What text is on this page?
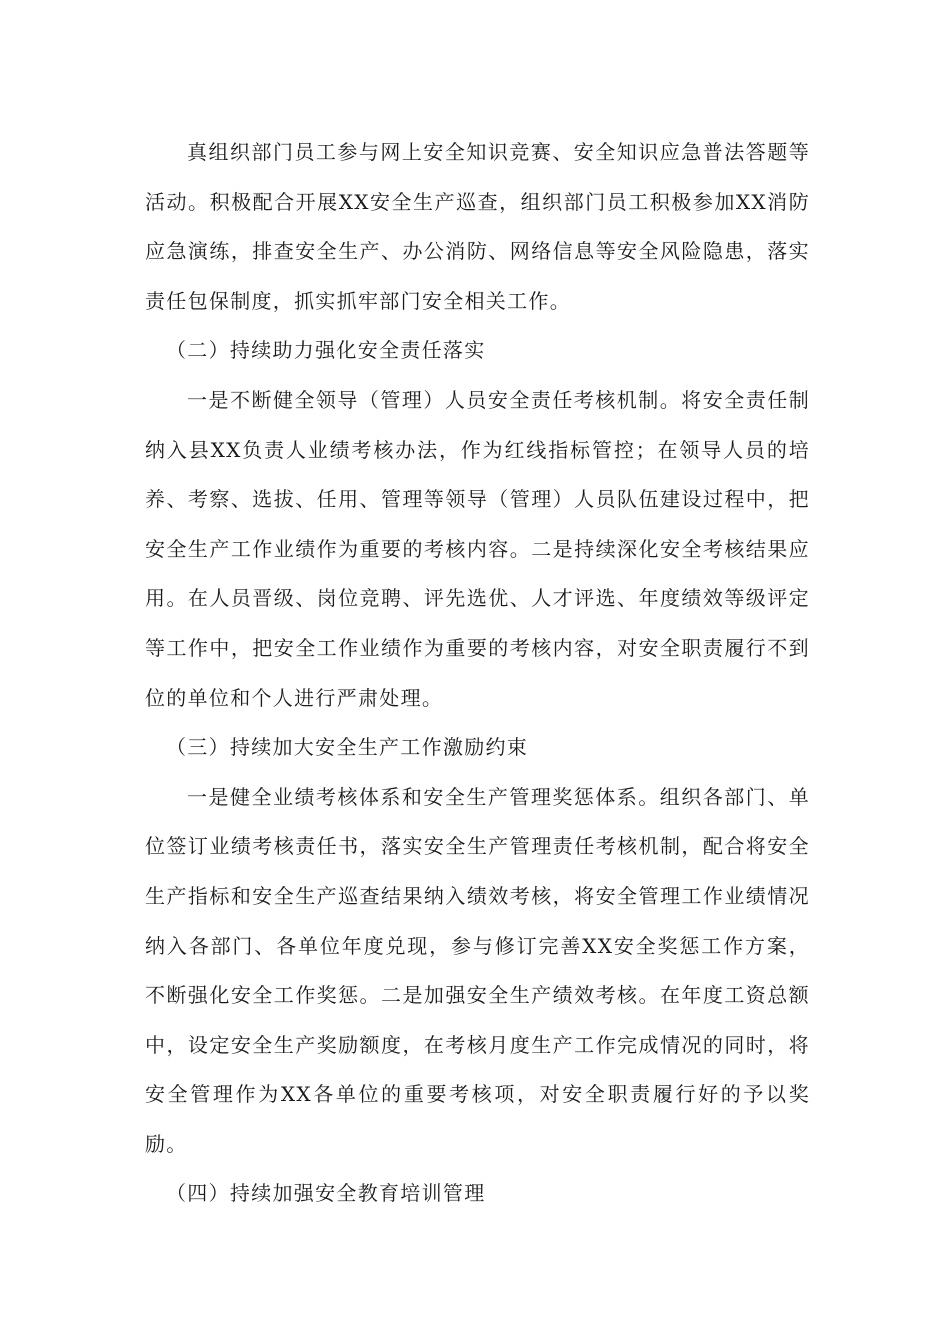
真组织部门员工参与网上安全知识竞赛、安全知识应急普法答题等活动。积极配合开展XX安全生产巡查，组织部门员工积极参加XX消防应急演练，排查安全生产、办公消防、网络信息等安全风险隐患，落实责任包保制度，抓实抓牢部门安全相关工作。

（二）持续助力强化安全责任落实

一是不断健全领导（管理）人员安全责任考核机制。将安全责任制纳入县XX负责人业绩考核办法，作为红线指标管控；在领导人员的培养、考察、选拔、任用、管理等领导（管理）人员队伍建设过程中，把安全生产工作业绩作为重要的考核内容。二是持续深化安全考核结果应用。在人员晋级、岗位竞聘、评先选优、人才评选、年度绩效等级评定等工作中，把安全工作业绩作为重要的考核内容，对安全职责履行不到位的单位和个人进行严肃处理。

（三）持续加大安全生产工作激励约束

一是健全业绩考核体系和安全生产管理奖惩体系。组织各部门、单位签订业绩考核责任书，落实安全生产管理责任考核机制，配合将安全生产指标和安全生产巡查结果纳入绩效考核，将安全管理工作业绩情况纳入各部门、各单位年度兑现，参与修订完善XX安全奖惩工作方案，不断强化安全工作奖惩。二是加强安全生产绩效考核。在年度工资总额中，设定安全生产奖励额度，在考核月度生产工作完成情况的同时，将安全管理作为XX各单位的重要考核项，对安全职责履行好的予以奖励。

（四）持续加强安全教育培训管理
